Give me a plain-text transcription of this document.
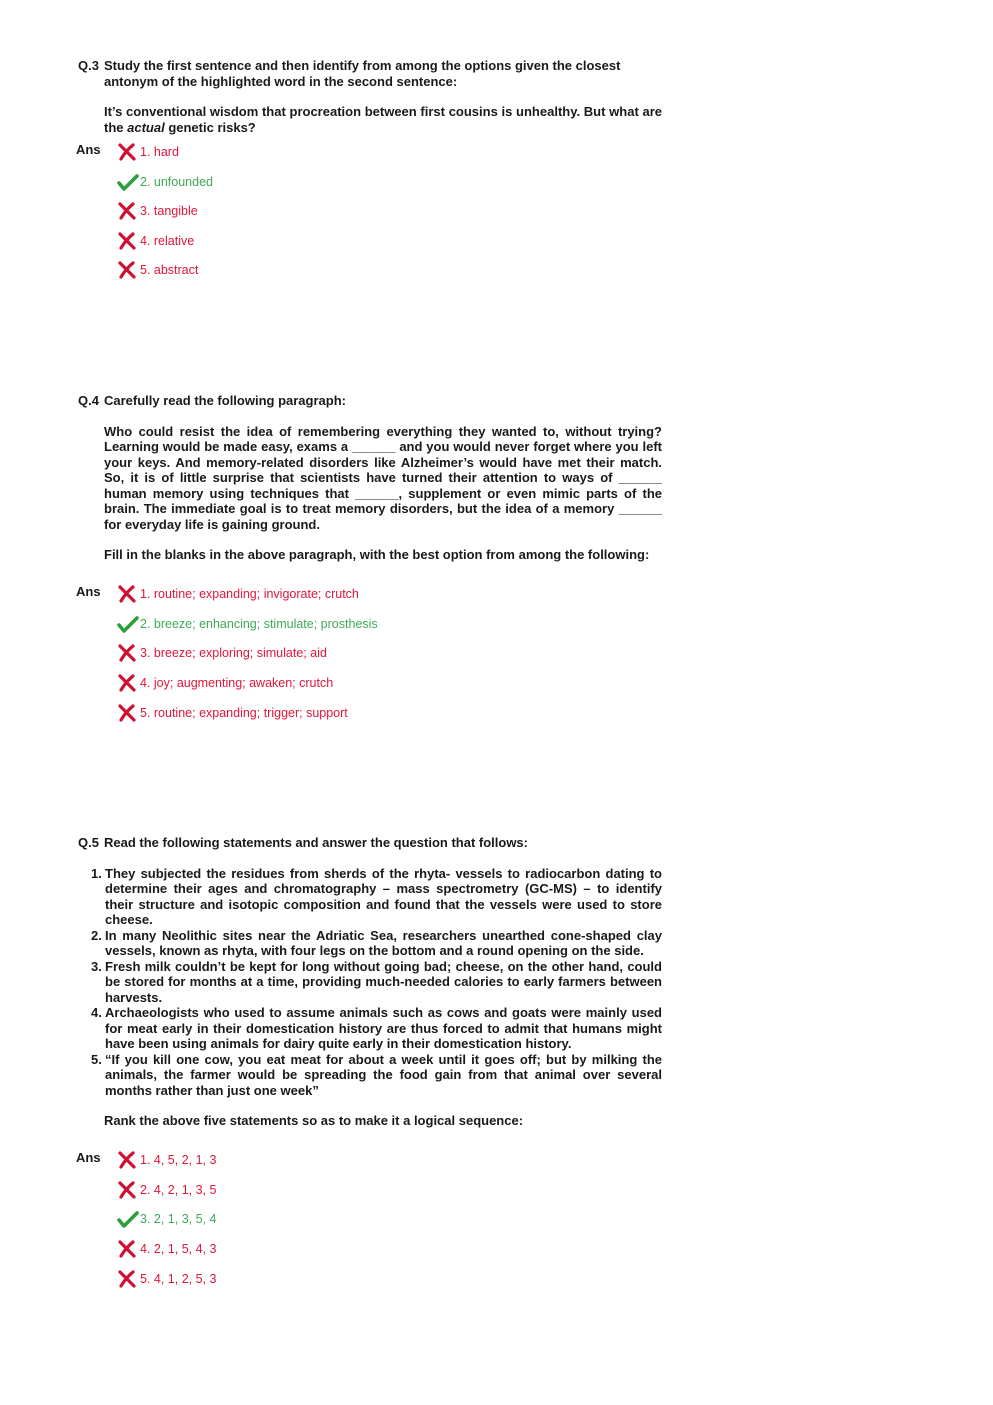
Q.3 Study the first sentence and then identify from among the options given the closest antonym of the highlighted word in the second sentence:
It’s conventional wisdom that procreation between first cousins is unhealthy. But what are the actual genetic risks?
Ans	1. hard
2. unfounded
3. tangible
4. relative
5. abstract
Q.4 Carefully read the following paragraph:
Who could resist the idea of remembering everything they wanted to, without trying? Learning would be made easy, exams a ______ and you would never forget where you left your keys. And memory-related disorders like Alzheimer’s would have met their match. So, it is of little surprise that scientists have turned their attention to ways of ______ human memory using techniques that ______, supplement or even mimic parts of the brain. The immediate goal is to treat memory disorders, but the idea of a memory ______ for everyday life is gaining ground.
Fill in the blanks in the above paragraph, with the best option from among the following:
Ans	1. routine; expanding; invigorate; crutch
2. breeze; enhancing; stimulate; prosthesis
3. breeze; exploring; simulate; aid
4. joy; augmenting; awaken; crutch
5. routine; expanding; trigger; support
Q.5 Read the following statements and answer the question that follows:
1. They subjected the residues from sherds of the rhyta- vessels to radiocarbon dating to determine their ages and chromatography – mass spectrometry (GC-MS) – to identify their structure and isotopic composition and found that the vessels were used to store cheese.
2. In many Neolithic sites near the Adriatic Sea, researchers unearthed cone-shaped clay vessels, known as rhyta, with four legs on the bottom and a round opening on the side.
3. Fresh milk couldn’t be kept for long without going bad; cheese, on the other hand, could be stored for months at a time, providing much-needed calories to early farmers between harvests.
4. Archaeologists who used to assume animals such as cows and goats were mainly used for meat early in their domestication history are thus forced to admit that humans might have been using animals for dairy quite early in their domestication history.
5. “If you kill one cow, you eat meat for about a week until it goes off; but by milking the animals, the farmer would be spreading the food gain from that animal over several months rather than just one week”
Rank the above five statements so as to make it a logical sequence:
Ans	1. 4, 5, 2, 1, 3
2. 4, 2, 1, 3, 5
3. 2, 1, 3, 5, 4
4. 2, 1, 5, 4, 3
5. 4, 1, 2, 5, 3
